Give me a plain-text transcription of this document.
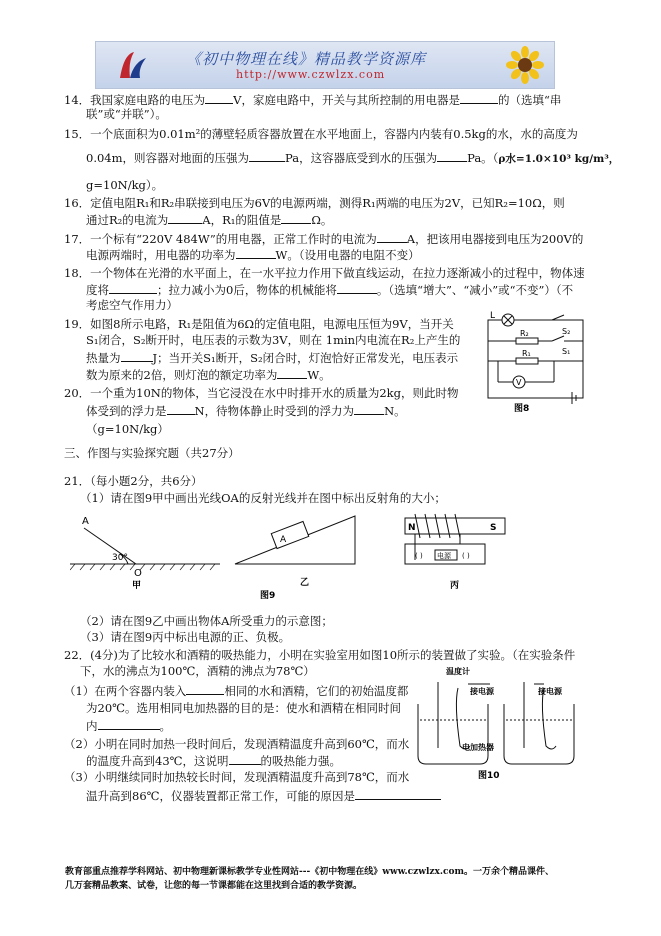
《初中物理在线》精品教学资源库
http://www.czwlzx.com
14．我国家庭电路的电压为 V，家庭电路中，开关与其所控制的用电器是	的（选填“串
联”或“并联”）。
15．一个底面积为0.01m²的薄壁轻质容器放置在水平地面上，容器内内装有0.5kg的水，水的高度为
0.04m，则容器对地面的压强为	Pa，这容器底受到水的压强为	Pa。（ρ水=1.0×10³ kg/m³，
g=10N/kg）。
16．定值电阻R₁和R₂串联接到电压为6V的电源两端，测得R₁两端的电压为2V，已知R₂=10Ω，则
通过R₂的电流为	A，R₁的阻值是	Ω。
17．一个标有“220V 484W”的用电器，正常工作时的电流为	A，把该用电器接到电压为200V的
电源两端时，用电器的功率为	W。（设用电器的电阻不变）
18．一个物体在光滑的水平面上，在一水平拉力作用下做直线运动，在拉力逐渐减小的过程中，物体速
度将	；拉力减小为0后，物体的机械能将	。（选填“增大”、“减小”或“不变”）（不
考虑空气作用力）
19．如图8所示电路，R₁是阻值为6Ω的定值电阻，电源电压恒为9V，当开关
S₁闭合，S₂断开时，电压表的示数为3V，则在 1min内电流在R₂上产生的
热量为	J；当开关S₁断开，S₂闭合时，灯泡恰好正常发光，电压表示
数为原来的2倍，则灯泡的额定功率为	W。
20．一个重为10N的物体，当它浸没在水中时排开水的质量为2kg，则此时物
体受到的浮力是 N，待物体静止时受到的浮力为	N。
（g=10N/kg）
L
S₂
S₁
R₂
R₁
V
图8
三、作图与实验探究题（共27分）
21．（每小题2分，共6分）
（1）请在图9甲中画出光线OA的反射光线并在图中标出反射角的大小；
A
30°
O
甲
A
乙
图9
N	S
( )	( )
电源
丙
（2）请在图9乙中画出物体A所受重力的示意图；
（3）请在图9丙中标出电源的正、负极。
22．(4分)为了比较水和酒精的吸热能力，小明在实验室用如图10所示的装置做了实验。（在实验条件
下，水的沸点为100℃，酒精的沸点为78℃）
（1）在两个容器内装入	相同的水和酒精，它们的初始温度都
为20℃。选用相同电加热器的目的是：使水和酒精在相同时间
内	。
（2）小明在同时加热一段时间后，发现酒精温度升高到60℃，而水
的温度升高到43℃，这说明	的吸热能力强。
（3）小明继续同时加热较长时间，发现酒精温度升高到78℃，而水
温升高到86℃，仪器装置都正常工作，可能的原因是
温度计
接电源	接电源
电加热器
图10
教育部重点推荐学科网站、初中物理新课标教学专业性网站---《初中物理在线》www.czwlzx.com。一万余个精品课件、
几万套精品教案、试卷，让您的每一节课都能在这里找到合适的教学资源。
